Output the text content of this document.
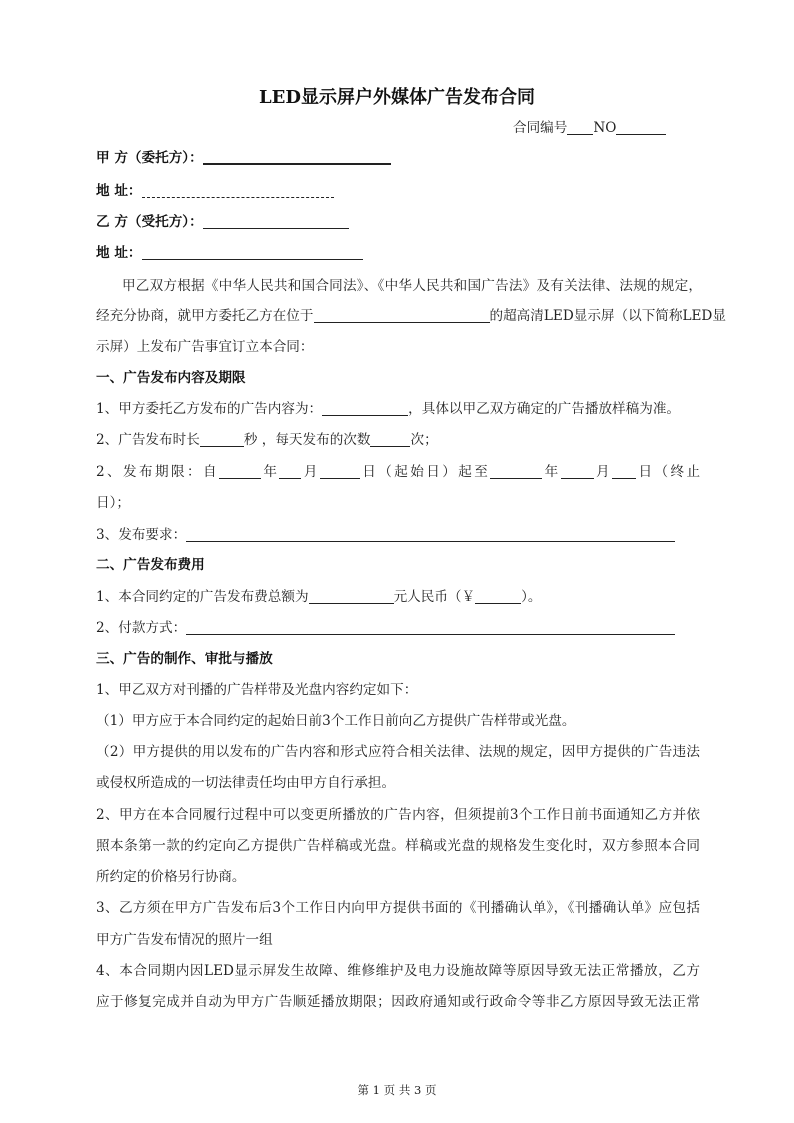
LED显示屏户外媒体广告发布合同
合同编号 NO
甲 方（委托方）：
地 址：
乙 方（受托方）：
地 址：
甲乙双方根据《中华人民共和国合同法》、《中华人民共和国广告法》及有关法律、法规的规定，
经充分协商，就甲方委托乙方在位于	的超高清LED显示屏（以下简称LED显
示屏）上发布广告事宜订立本合同：
一、广告发布内容及期限
1、甲方委托乙方发布的广告内容为：	，具体以甲乙双方确定的广告播放样稿为准。
2、广告发布时长	秒 ，每天发布的次数	次；
2、发布期限：自	年 月	日（起始日）起至	年 月 日（终止
日）；
3、发布要求：
二、广告发布费用
1、本合同约定的广告发布费总额为	元人民币（￥	）。
2、付款方式：
三、广告的制作、审批与播放
1、甲乙双方对刊播的广告样带及光盘内容约定如下：
（1）甲方应于本合同约定的起始日前3个工作日前向乙方提供广告样带或光盘。
（2）甲方提供的用以发布的广告内容和形式应符合相关法律、法规的规定，因甲方提供的广告违法
或侵权所造成的一切法律责任均由甲方自行承担。
2、甲方在本合同履行过程中可以变更所播放的广告内容，但须提前3个工作日前书面通知乙方并依
照本条第一款的约定向乙方提供广告样稿或光盘。样稿或光盘的规格发生变化时，双方参照本合同
所约定的价格另行协商。
3、乙方须在甲方广告发布后3个工作日内向甲方提供书面的《刊播确认单》，《刊播确认单》应包括
甲方广告发布情况的照片一组
4、本合同期内因LED显示屏发生故障、维修维护及电力设施故障等原因导致无法正常播放，乙方
应于修复完成并自动为甲方广告顺延播放期限；因政府通知或行政命令等非乙方原因导致无法正常
第 1 页 共 3 页
